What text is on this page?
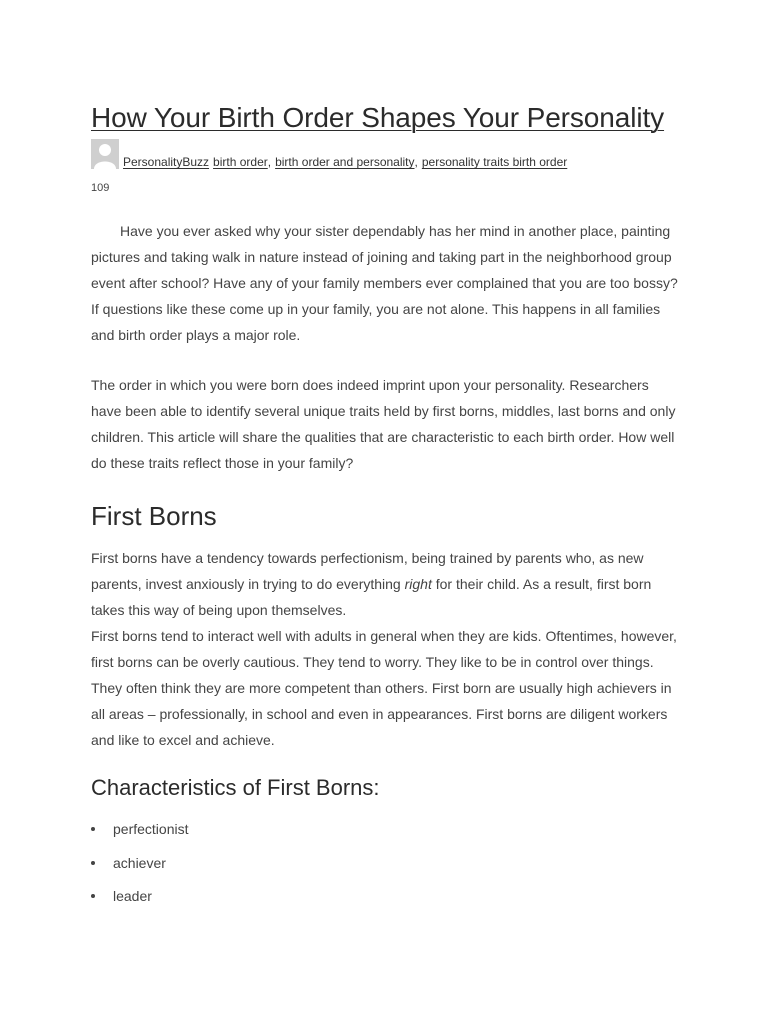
How Your Birth Order Shapes Your Personality
PersonalityBuzz birth order , birth order and personality , personality traits birth order
109

Have you ever asked why your sister dependably has her mind in another place, painting pictures and taking walk in nature instead of joining and taking part in the neighborhood group event after school? Have any of your family members ever complained that you are too bossy? If questions like these come up in your family, you are not alone. This happens in all families and birth order plays a major role.

The order in which you were born does indeed imprint upon your personality. Researchers have been able to identify several unique traits held by first borns, middles, last borns and only children. This article will share the qualities that are characteristic to each birth order. How well do these traits reflect those in your family?

First Borns

First borns have a tendency towards perfectionism, being trained by parents who, as new parents, invest anxiously in trying to do everything right for their child. As a result, first born takes this way of being upon themselves.

First borns tend to interact well with adults in general when they are kids. Oftentimes, however, first borns can be overly cautious. They tend to worry. They like to be in control over things. They often think they are more competent than others. First born are usually high achievers in all areas – professionally, in school and even in appearances. First borns are diligent workers and like to excel and achieve.

Characteristics of First Borns:
perfectionist
achiever
leader
